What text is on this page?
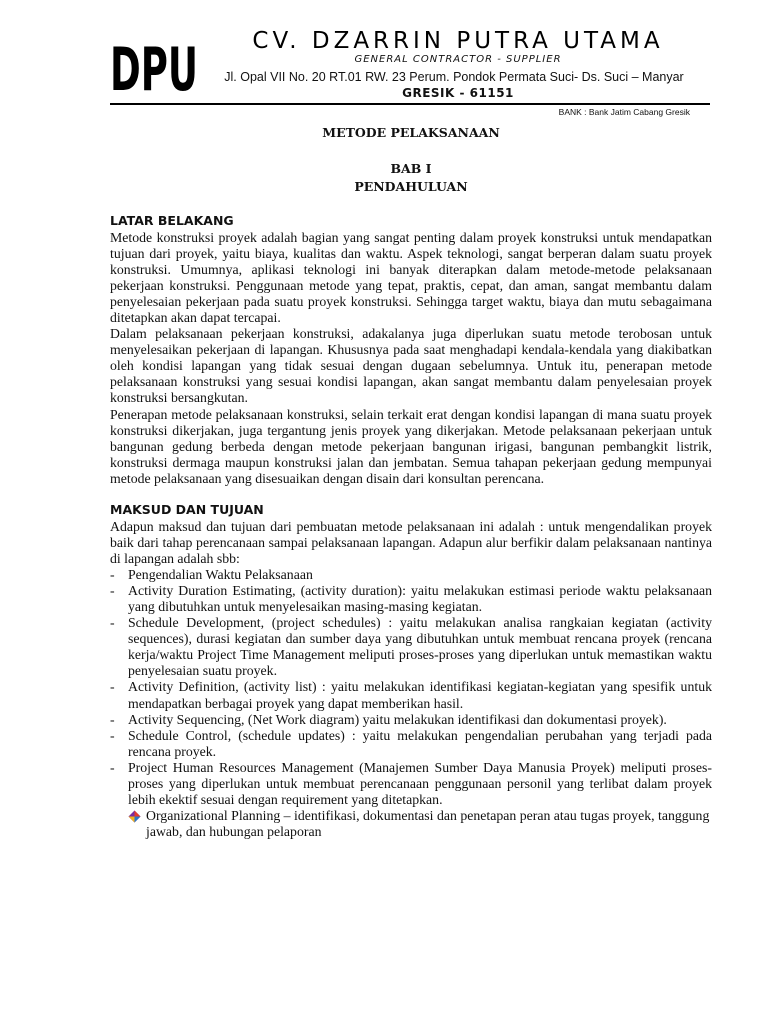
DPU	CV. DZARRIN PUTRA UTAMA
GENERAL CONTRACTOR - SUPPLIER
Jl. Opal VII No. 20 RT.01 RW. 23 Perum. Pondok Permata Suci- Ds. Suci – Manyar
GRESIK - 61151
BANK : Bank Jatim Cabang Gresik
METODE PELAKSANAAN
BAB I
PENDAHULUAN
LATAR BELAKANG

Metode konstruksi proyek adalah bagian yang sangat penting dalam proyek konstruksi untuk mendapatkan tujuan dari proyek, yaitu biaya, kualitas dan waktu. Aspek teknologi, sangat berperan dalam suatu proyek konstruksi. Umumnya, aplikasi teknologi ini banyak diterapkan dalam metode-metode pelaksanaan pekerjaan konstruksi. Penggunaan metode yang tepat, praktis, cepat, dan aman, sangat membantu dalam penyelesaian pekerjaan pada suatu proyek konstruksi. Sehingga target waktu, biaya dan mutu sebagaimana ditetapkan akan dapat tercapai.

Dalam pelaksanaan pekerjaan konstruksi, adakalanya juga diperlukan suatu metode terobosan untuk menyelesaikan pekerjaan di lapangan. Khususnya pada saat menghadapi kendala-kendala yang diakibatkan oleh kondisi lapangan yang tidak sesuai dengan dugaan sebelumnya. Untuk itu, penerapan metode pelaksanaan konstruksi yang sesuai kondisi lapangan, akan sangat membantu dalam penyelesaian proyek konstruksi bersangkutan.

Penerapan metode pelaksanaan konstruksi, selain terkait erat dengan kondisi lapangan di mana suatu proyek konstruksi dikerjakan, juga tergantung jenis proyek yang dikerjakan. Metode pelaksanaan pekerjaan untuk bangunan gedung berbeda dengan metode pekerjaan bangunan irigasi, bangunan pembangkit listrik, konstruksi dermaga maupun konstruksi jalan dan jembatan. Semua tahapan pekerjaan gedung mempunyai metode pelaksanaan yang disesuaikan dengan disain dari konsultan perencana.

MAKSUD DAN TUJUAN

Adapun maksud dan tujuan dari pembuatan metode pelaksanaan ini adalah : untuk mengendalikan proyek baik dari tahap perencanaan sampai pelaksanaan lapangan. Adapun alur berfikir dalam pelaksanaan nantinya di lapangan adalah sbb:

- Pengendalian Waktu Pelaksanaan
- Activity Duration Estimating, (activity duration): yaitu melakukan estimasi periode waktu pelaksanaan yang dibutuhkan untuk menyelesaikan masing-masing kegiatan.
- Schedule Development, (project schedules) : yaitu melakukan analisa rangkaian kegiatan (activity sequences), durasi kegiatan dan sumber daya yang dibutuhkan untuk membuat rencana proyek (rencana kerja/waktu Project Time Management meliputi proses-proses yang diperlukan untuk memastikan waktu penyelesaian suatu proyek.
- Activity Definition, (activity list) : yaitu melakukan identifikasi kegiatan-kegiatan yang spesifik untuk mendapatkan berbagai proyek yang dapat memberikan hasil.
- Activity Sequencing, (Net Work diagram) yaitu melakukan identifikasi dan dokumentasi proyek).
- Schedule Control, (schedule updates) : yaitu melakukan pengendalian perubahan yang terjadi pada rencana proyek.
- Project Human Resources Management (Manajemen Sumber Daya Manusia Proyek) meliputi proses-proses yang diperlukan untuk membuat perencanaan penggunaan personil yang terlibat dalam proyek lebih ekektif sesuai dengan requirement yang ditetapkan.
Organizational Planning – identifikasi, dokumentasi dan penetapan peran atau tugas proyek, tanggung jawab, dan hubungan pelaporan
